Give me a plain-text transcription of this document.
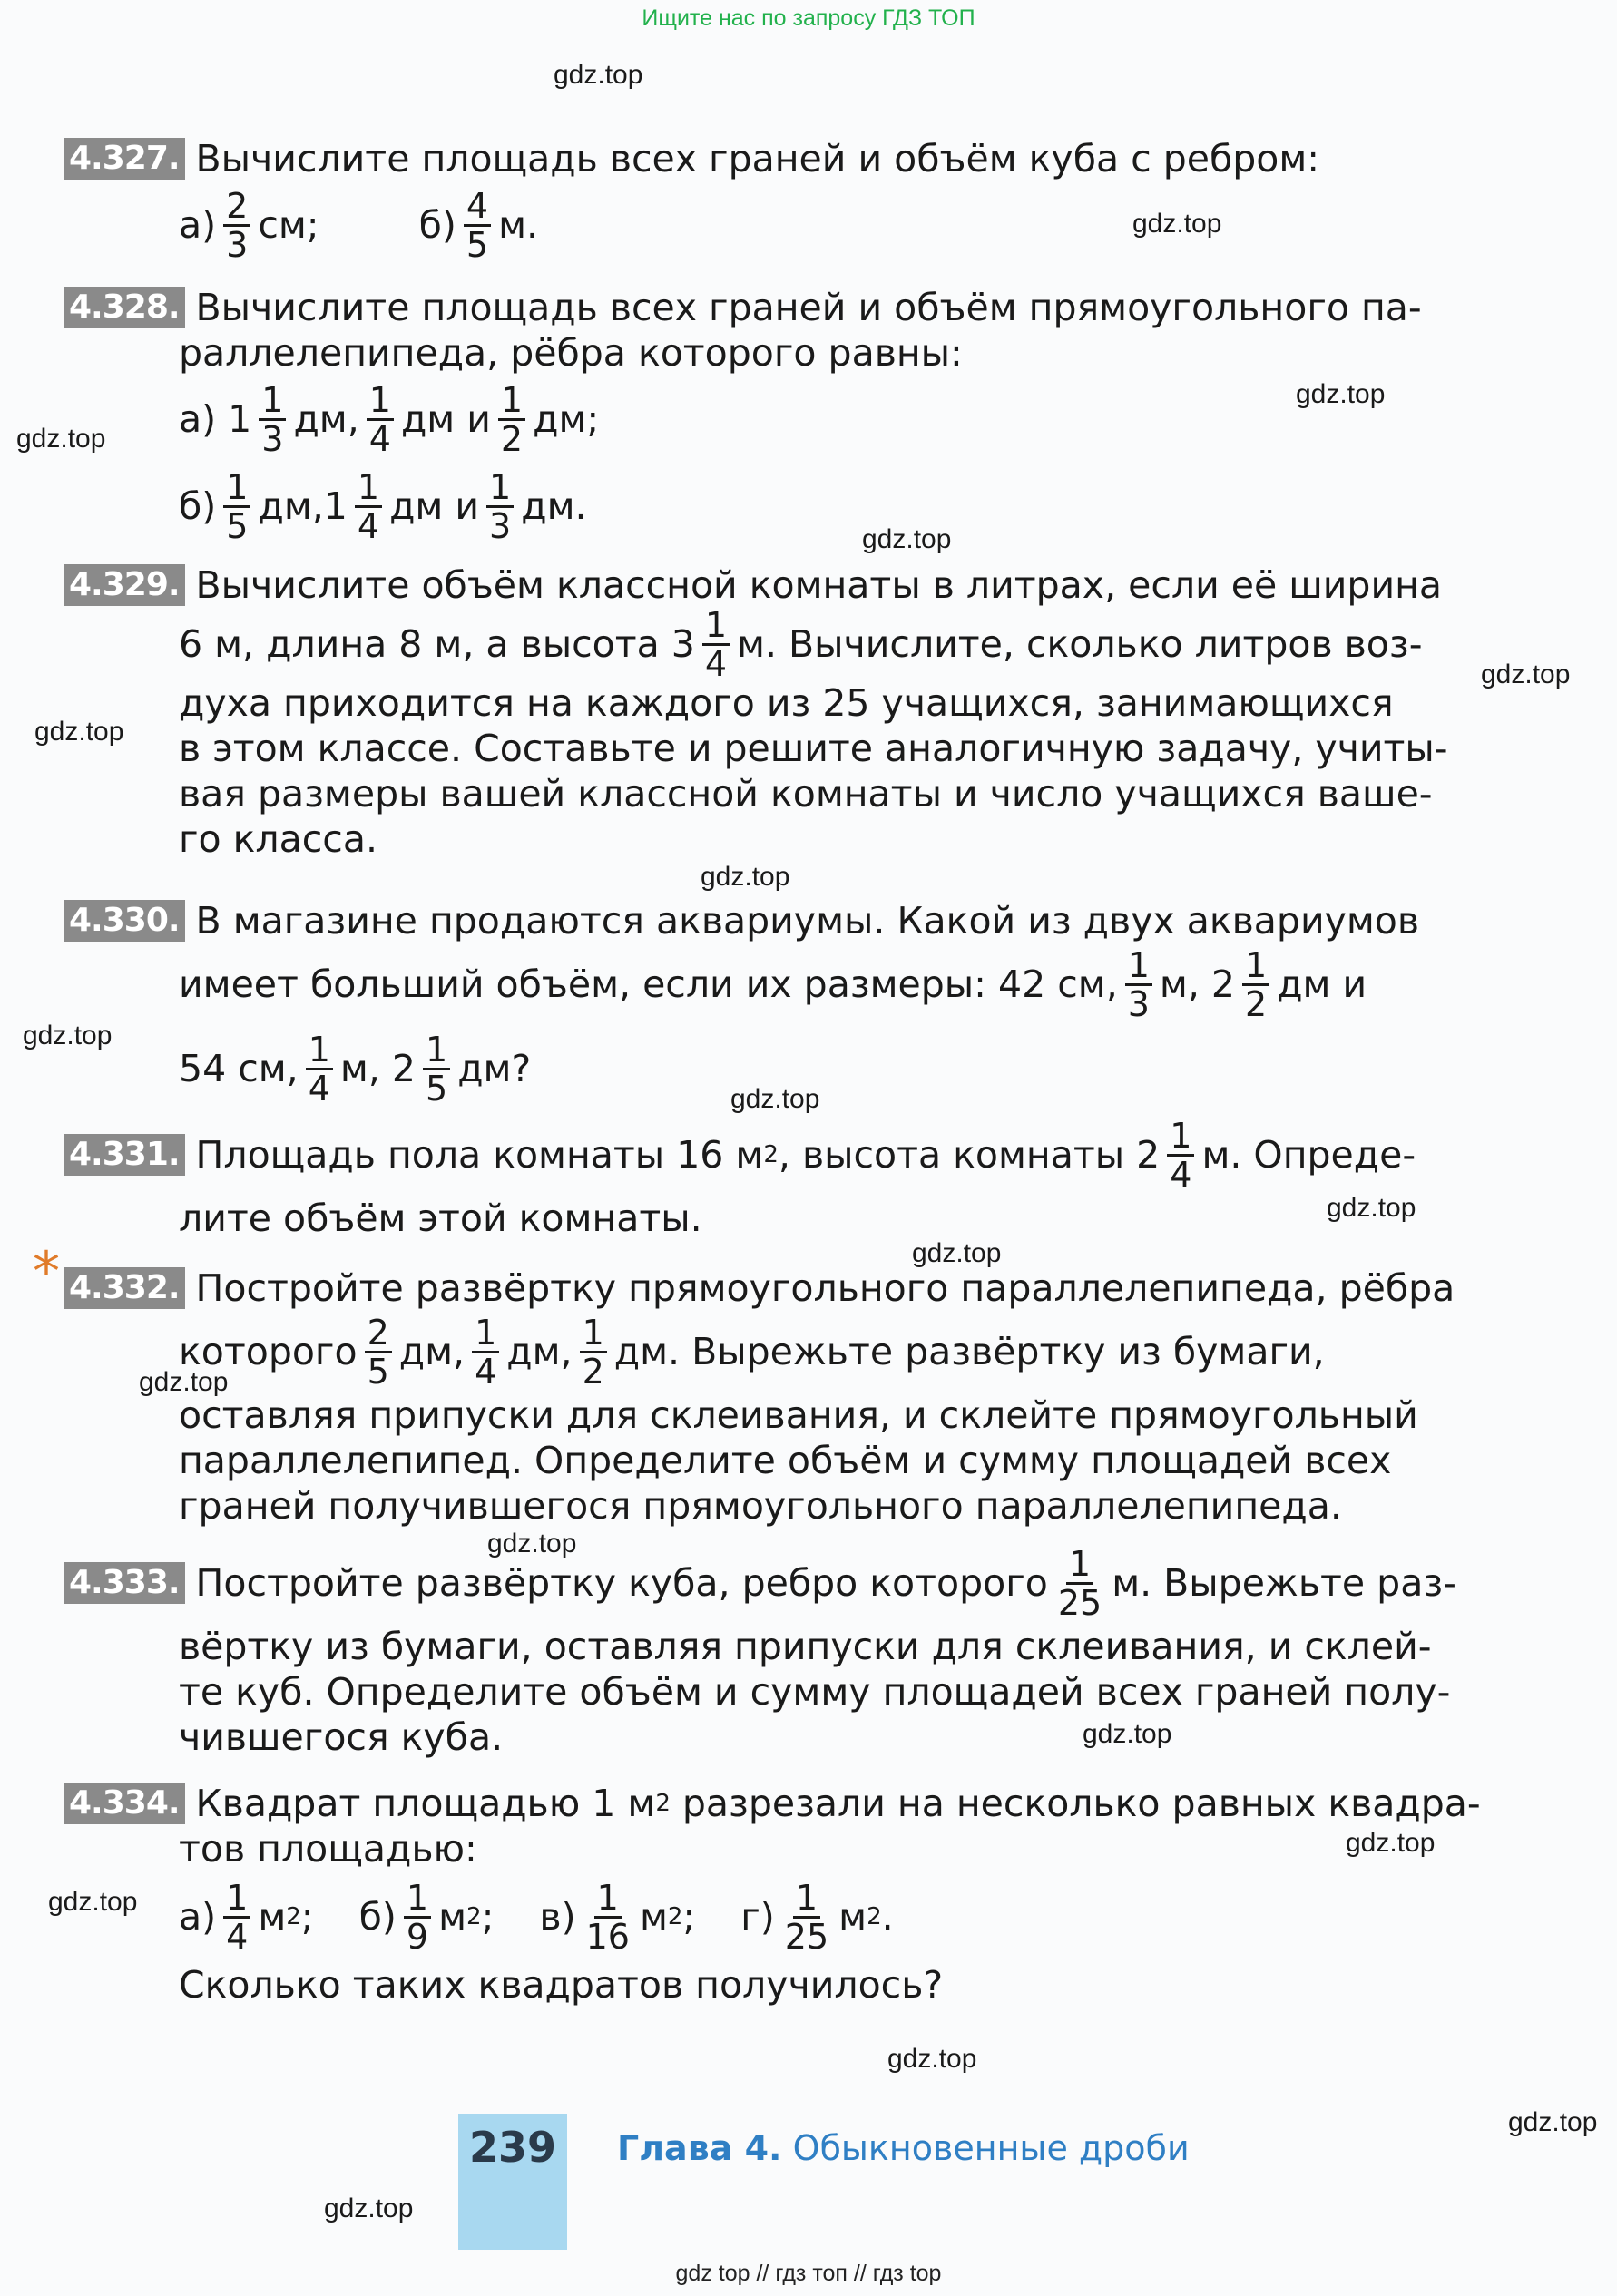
Ищите нас по запросу ГДЗ ТОП
gdz.top
gdz.top
gdz.top
gdz.top
gdz.top
gdz.top
gdz.top
gdz.top
gdz.top
gdz.top
gdz.top
gdz.top
gdz.top
gdz.top
gdz.top
gdz.top
gdz.top
gdz.top
gdz.top
gdz.top
4.327. Вычислите площадь всех граней и объём куба с ребром:
$а) \frac{2}{3}$ см;	$б) \frac{4}{5} м$.
4.328. Вычислите площадь всех граней и объём прямоугольного па-
раллелепипеда, рёбра которого равны:
а)
$1 \frac{1}{3}$ дм, $\frac{1}{4}$ дм и $\frac{1}{2}$ дм;
$б) \frac{1}{5}$ дм, $1 \frac{1}{4}$ дм и $\frac{1}{3}$ дм.
4.329. Вычислите объём классной комнаты в литрах, если её ширина
6 м, длина 8 м, а высота $3 \frac{1}{4} м$. Вычислите, сколько литров воз-
духа приходится на каждого из 25 учащихся, занимающихся
в этом классе. Составьте и решите аналогичную задачу, учиты-
вая размеры вашей классной комнаты и число учащихся ваше-
го класса.
4.330. В магазине продаются аквариумы. Какой из двух аквариумов
имеет больший объём, если их размеры: 42 см, $\frac{1}{3} м$, $2 \frac{1}{2}$ дм и
54 см, $\frac{1}{4} м$, $2 \frac{1}{5}$ дм?
4.331. Площадь пола комнаты 16 м 2 , высота комнаты $2 \frac{1}{4} м$. Опреде-
лите объём этой комнаты.
* 4.332. Постройте развёртку прямоугольного параллелепипеда, рёбра
которого $\frac{2}{5}$ дм, $\frac{1}{4}$ дм, $\frac{1}{2}$ дм. Вырежьте развёртку из бумаги,
оставляя припуски для склеивания, и склейте прямоугольный
параллелепипед. Определите объём и сумму площадей всех
граней получившегося прямоугольного параллелепипеда.
4.333. Постройте развёртку куба, ребро которого $\frac{1}{25} м$. Вырежьте раз-
вёртку из бумаги, оставляя припуски для склеивания, и склей-
те куб. Определите объём и сумму площадей всех граней полу-
чившегося куба.
4.334. Квадрат площадью 1 м 2
разрезали на несколько равных квадра-
тов площадью:
$а) \frac{1}{4}$ м 2 ; $б) \frac{1}{9}$ м 2 ; $в) \frac{1}{16}$ м 2 ; $г) \frac{1}{25}$ м 2 .
Сколько таких квадратов получилось?
239	Глава 4. Обыкновенные дроби
gdz top // гдз топ // гдз top
